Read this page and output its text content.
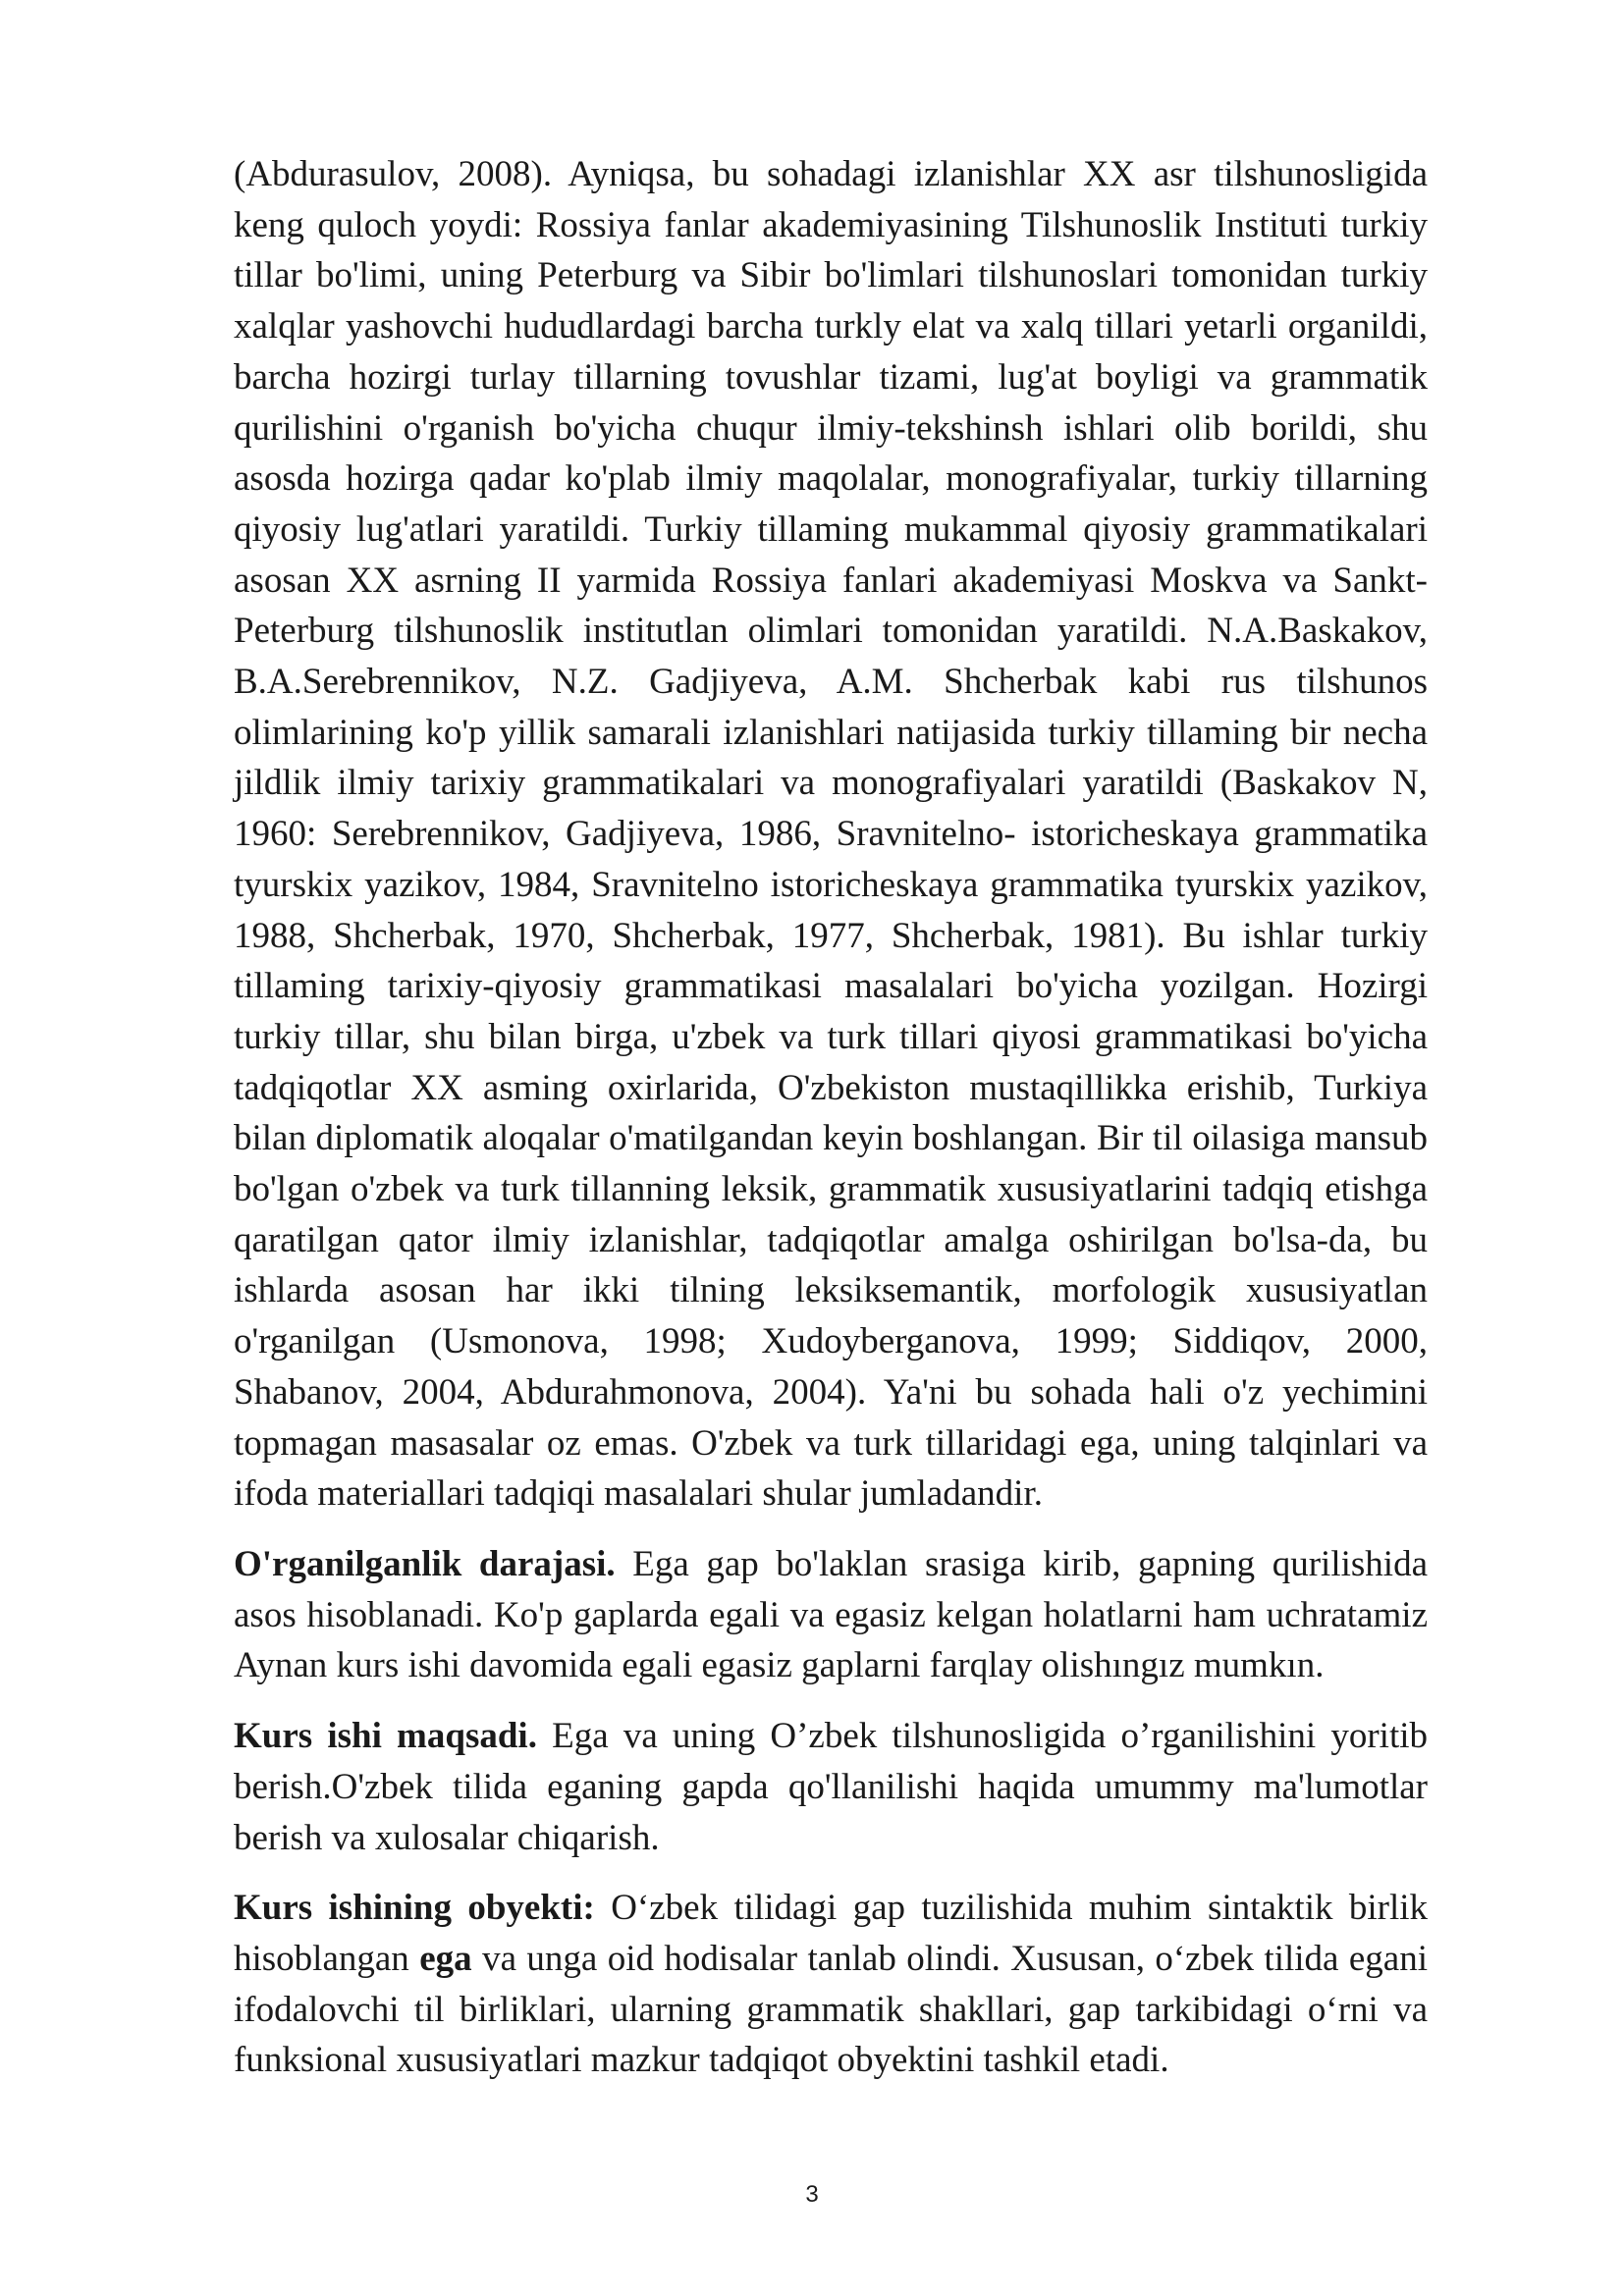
(Abdurasulov, 2008). Ayniqsa, bu sohadagi izlanishlar XX asr tilshunosligida keng quloch yoydi: Rossiya fanlar akademiyasining Tilshunoslik Instituti turkiy tillar bo'limi, uning Peterburg va Sibir bo'limlari tilshunoslari tomonidan turkiy xalqlar yashovchi hududlardagi barcha turkly elat va xalq tillari yetarli organildi, barcha hozirgi turlay tillarning tovushlar tizami, lug'at boyligi va grammatik qurilishini o'rganish bo'yicha chuqur ilmiy-tekshinsh ishlari olib borildi, shu asosda hozirga qadar ko'plab ilmiy maqolalar, monografiyalar, turkiy tillarning qiyosiy lug'atlari yaratildi. Turkiy tillaming mukammal qiyosiy grammatikalari asosan XX asrning II yarmida Rossiya fanlari akademiyasi Moskva va Sankt-Peterburg tilshunoslik institutlan olimlari tomonidan yaratildi. N.A.Baskakov, B.A.Serebrennikov, N.Z. Gadjiyeva, A.M. Shcherbak kabi rus tilshunos olimlarining ko'p yillik samarali izlanishlari natijasida turkiy tillaming bir necha jildlik ilmiy tarixiy grammatikalari va monografiyalari yaratildi (Baskakov N, 1960: Serebrennikov, Gadjiyeva, 1986, Sravnitelno- istoricheskaya grammatika tyurskix yazikov, 1984, Sravnitelno istoricheskaya grammatika tyurskix yazikov, 1988, Shcherbak, 1970, Shcherbak, 1977, Shcherbak, 1981). Bu ishlar turkiy tillaming tarixiy-qiyosiy grammatikasi masalalari bo'yicha yozilgan. Hozirgi turkiy tillar, shu bilan birga, u'zbek va turk tillari qiyosi grammatikasi bo'yicha tadqiqotlar XX asming oxirlarida, O'zbekiston mustaqillikka erishib, Turkiya bilan diplomatik aloqalar o'matilgandan keyin boshlangan. Bir til oilasiga mansub bo'lgan o'zbek va turk tillanning leksik, grammatik xususiyatlarini tadqiq etishga qaratilgan qator ilmiy izlanishlar, tadqiqotlar amalga oshirilgan bo'lsa-da, bu ishlarda asosan har ikki tilning leksiksemantik, morfologik xususiyatlan o'rganilgan (Usmonova, 1998; Xudoyberganova, 1999; Siddiqov, 2000, Shabanov, 2004, Abdurahmonova, 2004). Ya'ni bu sohada hali o'z yechimini topmagan masasalar oz emas. O'zbek va turk tillaridagi ega, uning talqinlari va ifoda materiallari tadqiqi masalalari shular jumladandir.

O'rganilganlik darajasi. Ega gap bo'laklan srasiga kirib, gapning qurilishida asos hisoblanadi. Ko'p gaplarda egali va egasiz kelgan holatlarni ham uchratamiz Aynan kurs ishi davomida egali egasiz gaplarni farqlay olishıngız mumkın.

Kurs ishi maqsadi. Ega va uning O’zbek tilshunosligida o’rganilishini yoritib berish.O'zbek tilida eganing gapda qo'llanilishi haqida umummy ma'lumotlar berish va xulosalar chiqarish.

Kurs ishining obyekti: O‘zbek tilidagi gap tuzilishida muhim sintaktik birlik hisoblangan ega va unga oid hodisalar tanlab olindi. Xususan, o‘zbek tilida egani ifodalovchi til birliklari, ularning grammatik shakllari, gap tarkibidagi o‘rni va funksional xususiyatlari mazkur tadqiqot obyektini tashkil etadi.

3
